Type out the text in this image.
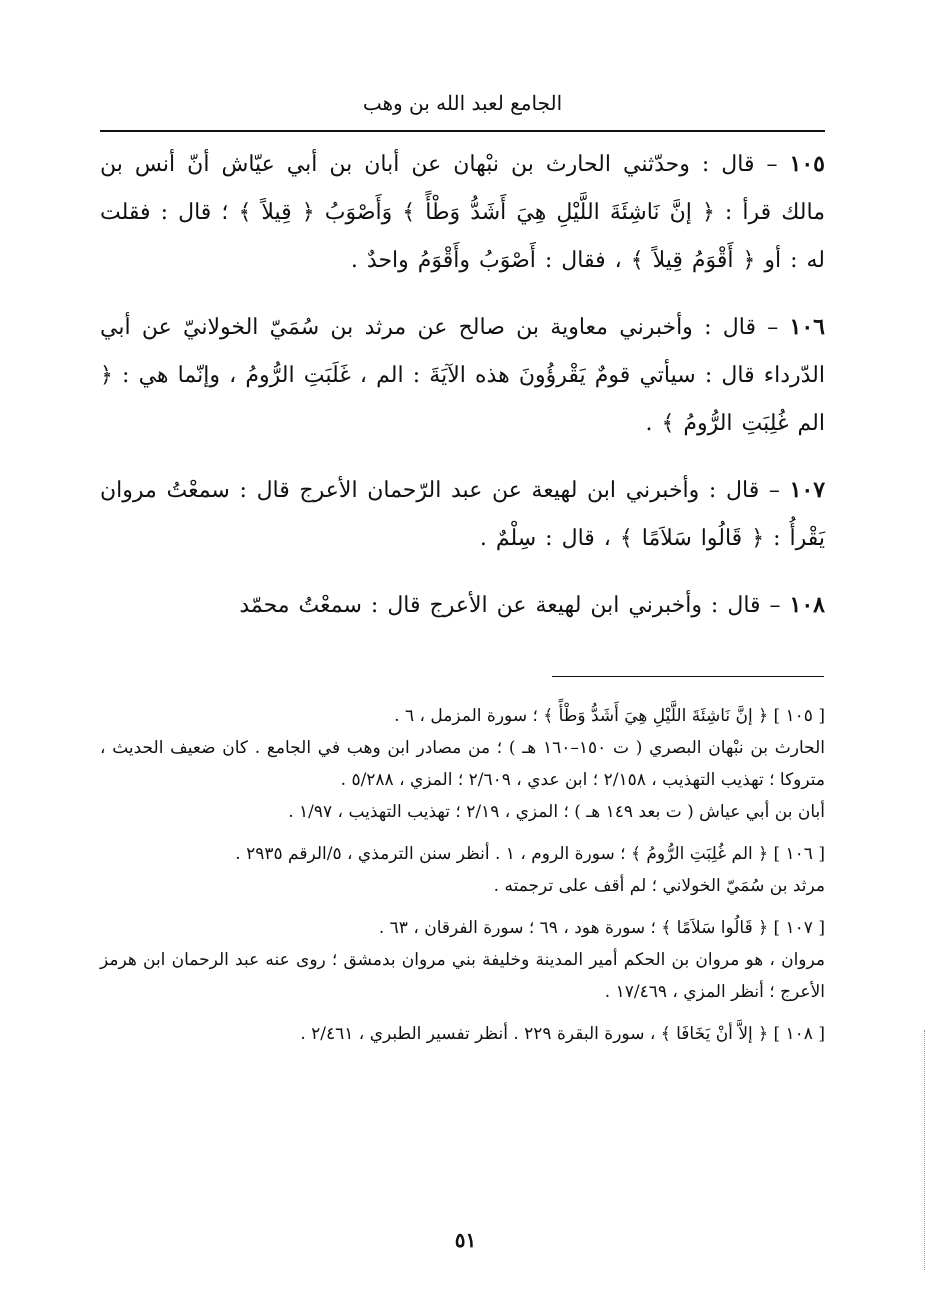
الجامع لعبد الله بن وهب

١٠٥ – قال : وحدّثني الحارث بن نبْهان عن أبان بن أبي عيّاش أنّ أنس بن مالك قرأ : ﴿ إنَّ نَاشِئَةَ اللَّيْلِ هِيَ أَشَدُّ وَطْأً ﴾ وَأَصْوَبُ ﴿ قِيلاً ﴾ ؛ قال : فقلت له : أو ﴿ أَقْوَمُ قِيلاً ﴾ ، فقال : أَصْوَبُ وأَقْوَمُ واحدٌ .

١٠٦ – قال : وأخبرني معاوية بن صالح عن مرثد بن سُمَيّ الخولانيّ عن أبي الدّرداء قال : سيأتي قومٌ يَقْرؤُونَ هذه الآيَةَ : الم ، غَلَبَتِ الرُّومُ ، وإنّما هي : ﴿ الم غُلِبَتِ الرُّومُ ﴾ .

١٠٧ – قال : وأخبرني ابن لهيعة عن عبد الرّحمان الأعرج قال : سمعْتُ مروان يَقْرأُ : ﴿ قَالُوا سَلاَمًا ﴾ ، قال : سِلْمٌ .

١٠٨ – قال : وأخبرني ابن لهيعة عن الأعرج قال : سمعْتُ محمّد

[ ١٠٥ ] ﴿ إنَّ نَاشِئَةَ اللَّيْلِ هِيَ أَشَدُّ وَطْأً ﴾ ؛ سورة المزمل ، ٦ .

الحارث بن نبْهان البصري ( ت ١٥٠–١٦٠ هـ ) ؛ من مصادر ابن وهب في الجامع . كان ضعيف الحديث ، متروكا ؛ تهذيب التهذيب ، ٢/١٥٨ ؛ ابن عدي ، ٢/٦٠٩ ؛ المزي ، ٥/٢٨٨ .

أبان بن أبي عياش ( ت بعد ١٤٩ هـ ) ؛ المزي ، ٢/١٩ ؛ تهذيب التهذيب ، ١/٩٧ .

[ ١٠٦ ] ﴿ الم غُلِبَتِ الرُّومُ ﴾ ؛ سورة الروم ، ١ . أنظر سنن الترمذي ، ٥/الرقم ٢٩٣٥ .

مرثد بن سُمَيّ الخولاني ؛ لم أقف على ترجمته .

[ ١٠٧ ] ﴿ قَالُوا سَلاَمًا ﴾ ؛ سورة هود ، ٦٩ ؛ سورة الفرقان ، ٦٣ .

مروان ، هو مروان بن الحكم أمير المدينة وخليفة بني مروان بدمشق ؛ روى عنه عبد الرحمان ابن هرمز الأعرج ؛ أنظر المزي ، ١٧/٤٦٩ .

[ ١٠٨ ] ﴿ إلاَّ أنْ يَخَافَا ﴾ ، سورة البقرة ٢٢٩ . أنظر تفسير الطبري ، ٢/٤٦١ .

٥١
